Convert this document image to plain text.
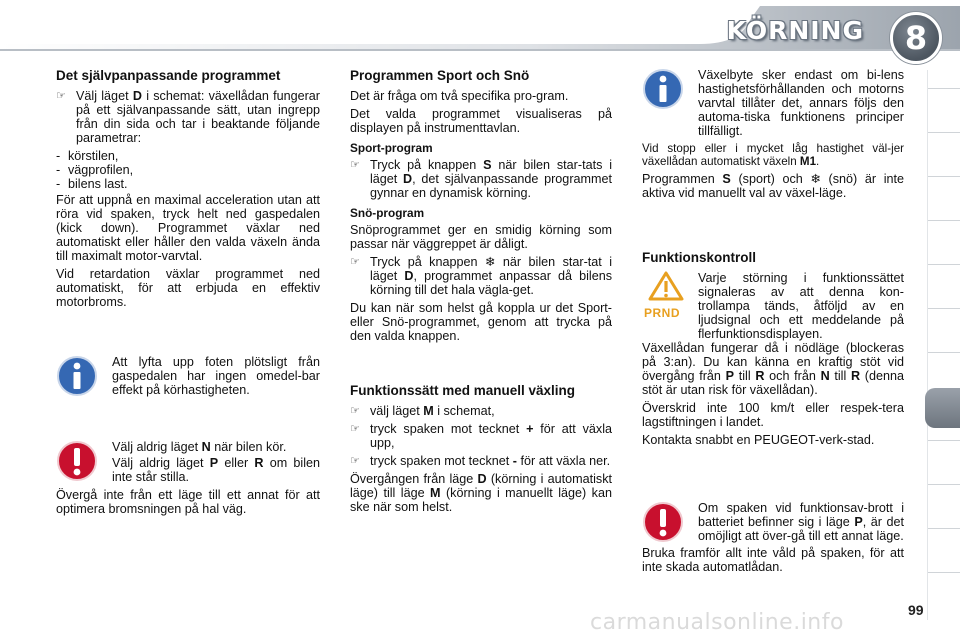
KÖRNING	8
Det självpanpassande programmet
☞ Välj läget D i schemat: växellådan fungerar på ett självanpassande sätt, utan ingrepp från din sida och tar i beaktande följande parametrar:
- körstilen,
- vägprofilen,
- bilens last.

För att uppnå en maximal acceleration utan att röra vid spaken, tryck helt ned gaspedalen (kick down). Programmet växlar ned automatiskt eller håller den valda växeln ända till maximalt motor-varvtal.

Vid retardation växlar programmet ned automatiskt, för att erbjuda en effektiv motorbroms.

Att lyfta upp foten plötsligt från gaspedalen har ingen omedel-bar effekt på körhastigheten.

Välj aldrig läget N när bilen kör.

Välj aldrig läget P eller R om bilen inte står stilla.

Övergå inte från ett läge till ett annat för att optimera bromsningen på hal väg.

Programmen Sport och Snö

Det är fråga om två specifika pro-gram.

Det valda programmet visualiseras på displayen på instrumenttavlan.

Sport-program
☞ Tryck på knappen S när bilen star-tats i läget D, det självanpassande programmet gynnar en dynamisk körning.
Snö-program

Snöprogrammet ger en smidig körning som passar när väggreppet är dåligt.

☞ Tryck på knappen ❄ när bilen star-tat i läget D, programmet anpassar då bilens körning till det hala vägla-get.

Du kan när som helst gå koppla ur det Sport- eller Snö-programmet, genom att trycka på den valda knappen.

Funktionssätt med manuell växling
☞ välj läget M i schemat,
☞ tryck spaken mot tecknet + för att växla upp,
☞ tryck spaken mot tecknet - för att växla ner.

Övergången från läge D (körning i automatiskt läge) till läge M (körning i manuellt läge) kan ske när som helst.

Växelbyte sker endast om bi-lens hastighetsförhållanden och motorns varvtal tillåter det, annars följs den automa-tiska funktionens principer tillfälligt.

Vid stopp eller i mycket låg hastighet väl-jer växellådan automatiskt växeln M1.

Programmen S (sport) och ❄ (snö) är inte aktiva vid manuellt val av växel-läge.

Funktionskontroll
PRND
Varje störning i funktionssättet signaleras av att denna kon-trollampa tänds, åtföljd av en ljudsignal och ett meddelande på flerfunktionsdisplayen.

Växellådan fungerar då i nödläge (blockeras på 3:an). Du kan känna en kraftig stöt vid övergång från P till R och från N till R (denna stöt är utan risk för växellådan).

Överskrid inte 100 km/t eller respek-tera lagstiftningen i landet.

Kontakta snabbt en PEUGEOT-verk-stad.

Om spaken vid funktionsav-brott i batteriet befinner sig i läge P, är det omöjligt att över-gå till ett annat läge.

Bruka framför allt inte våld på spaken, för att inte skada automatlådan.

carmanualsonline.info	99
